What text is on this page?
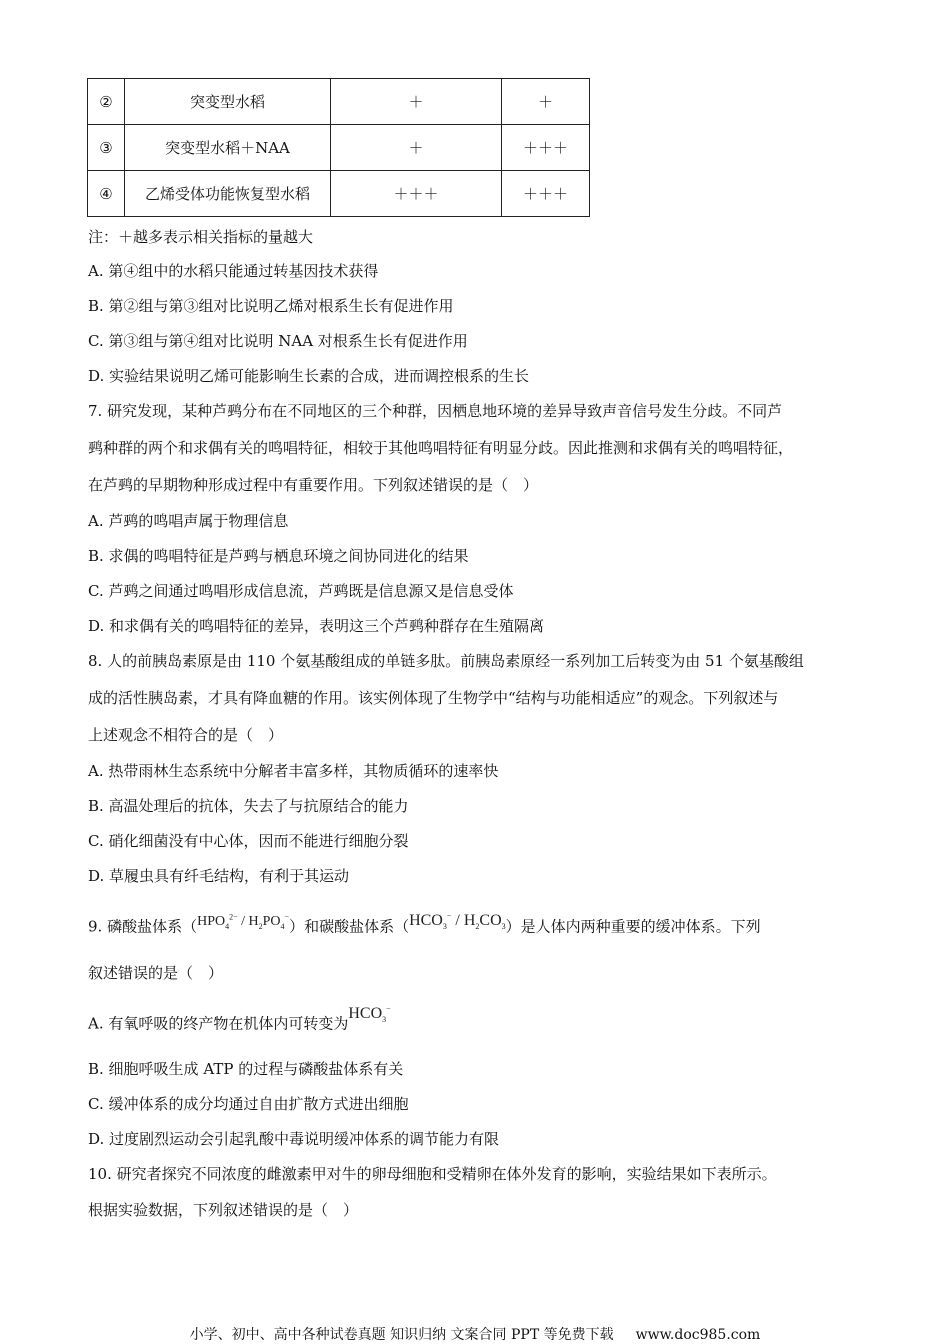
②	突变型水稻	＋	＋
③	突变型水稻＋NAA	＋	＋＋＋
④	乙烯受体功能恢复型水稻	＋＋＋	＋＋＋
注：＋越多表示相关指标的量越大
A. 第④组中的水稻只能通过转基因技术获得
B. 第②组与第③组对比说明乙烯对根系生长有促进作用
C. 第③组与第④组对比说明 NAA 对根系生长有促进作用
D. 实验结果说明乙烯可能影响生长素的合成，进而调控根系的生长
7. 研究发现，某种芦鹀分布在不同地区的三个种群，因栖息地环境的差异导致声音信号发生分歧。不同芦
鹀种群的两个和求偶有关的鸣唱特征，相较于其他鸣唱特征有明显分歧。因此推测和求偶有关的鸣唱特征，
在芦鹀的早期物种形成过程中有重要作用。下列叙述错误的是（　）
A. 芦鹀的鸣唱声属于物理信息
B. 求偶的鸣唱特征是芦鹀与栖息环境之间协同进化的结果
C. 芦鹀之间通过鸣唱形成信息流，芦鹀既是信息源又是信息受体
D. 和求偶有关的鸣唱特征的差异，表明这三个芦鹀种群存在生殖隔离
8. 人的前胰岛素原是由 110 个氨基酸组成的单链多肽。前胰岛素原经一系列加工后转变为由 51 个氨基酸组
成的活性胰岛素，才具有降血糖的作用。该实例体现了生物学中“结构与功能相适应”的观念。下列叙述与
上述观念不相符合的是（　）
A. 热带雨林生态系统中分解者丰富多样，其物质循环的速率快
B. 高温处理后的抗体，失去了与抗原结合的能力
C. 硝化细菌没有中心体，因而不能进行细胞分裂
D. 草履虫具有纤毛结构，有利于其运动
9. 磷酸盐体系$(HPO_4^{2-} / H_2PO_4^-)$和碳酸盐体系$(HCO_3^- / H_2CO_3)$是人体内两种重要的缓冲体系。下列
叙述错误的是（　）
A. 有氧呼吸的终产物在机体内可转变为$HCO_3^-$
B. 细胞呼吸生成 ATP 的过程与磷酸盐体系有关
C. 缓冲体系的成分均通过自由扩散方式进出细胞
D. 过度剧烈运动会引起乳酸中毒说明缓冲体系的调节能力有限
10. 研究者探究不同浓度的雌激素甲对牛的卵母细胞和受精卵在体外发育的影响，实验结果如下表所示。
根据实验数据，下列叙述错误的是（　）
小学、初中、高中各种试卷真题 知识归纳 文案合同 PPT 等免费下载 www.doc985.com
